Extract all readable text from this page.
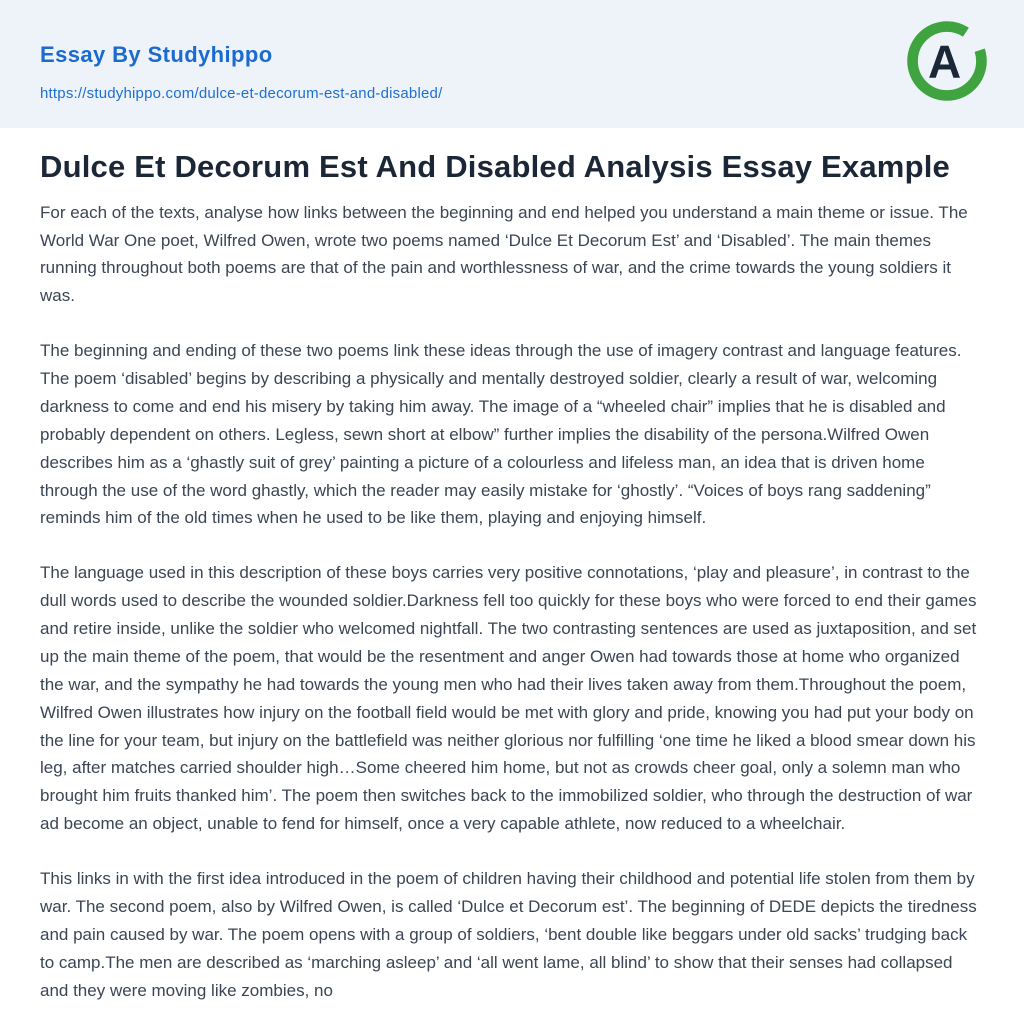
Essay By Studyhippo
https://studyhippo.com/dulce-et-decorum-est-and-disabled/
A
Dulce Et Decorum Est And Disabled Analysis Essay Example

For each of the texts, analyse how links between the beginning and end helped you understand a main theme or issue. The World War One poet, Wilfred Owen, wrote two poems named ‘Dulce Et Decorum Est’ and ‘Disabled’. The main themes running throughout both poems are that of the pain and worthlessness of war, and the crime towards the young soldiers it was.

The beginning and ending of these two poems link these ideas through the use of imagery contrast and language features. The poem ‘disabled’ begins by describing a physically and mentally destroyed soldier, clearly a result of war, welcoming darkness to come and end his misery by taking him away. The image of a “wheeled chair” implies that he is disabled and probably dependent on others. Legless, sewn short at elbow” further implies the disability of the persona.Wilfred Owen describes him as a ‘ghastly suit of grey’ painting a picture of a colourless and lifeless man, an idea that is driven home through the use of the word ghastly, which the reader may easily mistake for ‘ghostly’. “Voices of boys rang saddening” reminds him of the old times when he used to be like them, playing and enjoying himself.

The language used in this description of these boys carries very positive connotations, ‘play and pleasure’, in contrast to the dull words used to describe the wounded soldier.Darkness fell too quickly for these boys who were forced to end their games and retire inside, unlike the soldier who welcomed nightfall. The two contrasting sentences are used as juxtaposition, and set up the main theme of the poem, that would be the resentment and anger Owen had towards those at home who organized the war, and the sympathy he had towards the young men who had their lives taken away from them.Throughout the poem, Wilfred Owen illustrates how injury on the football field would be met with glory and pride, knowing you had put your body on the line for your team, but injury on the battlefield was neither glorious nor fulfilling ‘one time he liked a blood smear down his leg, after matches carried shoulder high…Some cheered him home, but not as crowds cheer goal, only a solemn man who brought him fruits thanked him’. The poem then switches back to the immobilized soldier, who through the destruction of war ad become an object, unable to fend for himself, once a very capable athlete, now reduced to a wheelchair.

This links in with the first idea introduced in the poem of children having their childhood and potential life stolen from them by war. The second poem, also by Wilfred Owen, is called ‘Dulce et Decorum est’. The beginning of DEDE depicts the tiredness and pain caused by war. The poem opens with a group of soldiers, ‘bent double like beggars under old sacks’ trudging back to camp.The men are described as ‘marching asleep’ and ‘all went lame, all blind’ to show that their senses had collapsed and they were moving like zombies, no
